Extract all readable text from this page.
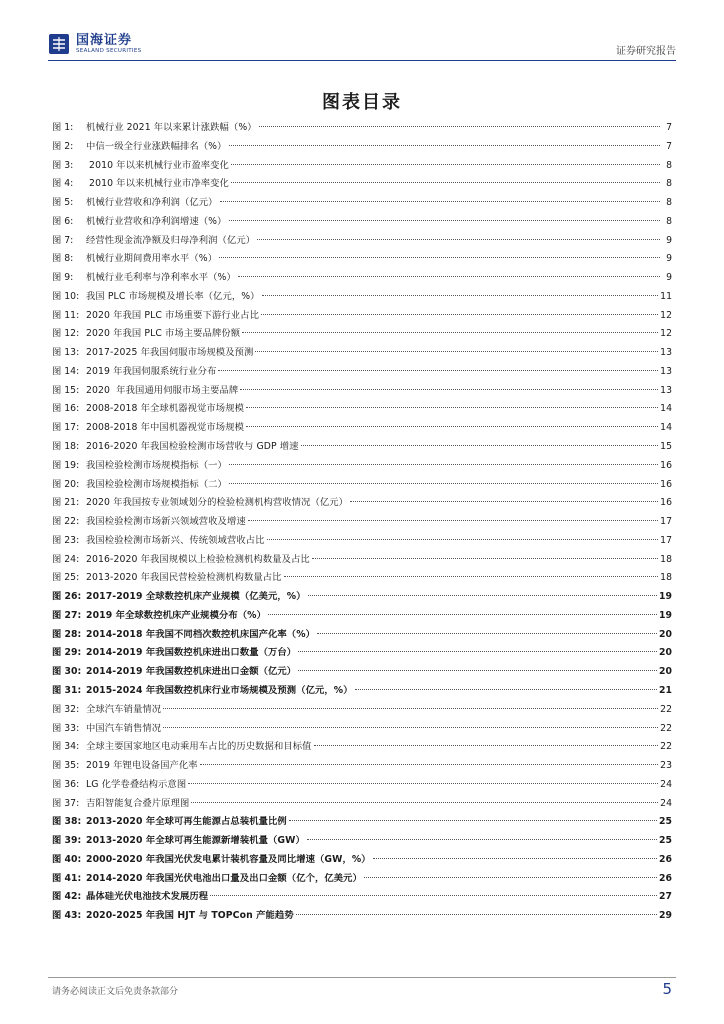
国海证券
SEALAND SECURITIES	证券研究报告
图表目录
图 1:	机械行业 2021 年以来累计涨跌幅（%）	7
图 2:	中信一级全行业涨跌幅排名（%）	7
图 3:	2010 年以来机械行业市盈率变化	8
图 4:	2010 年以来机械行业市净率变化	8
图 5:	机械行业营收和净利润（亿元）	8
图 6:	机械行业营收和净利润增速（%）	8
图 7:	经营性现金流净额及归母净利润（亿元）	9
图 8:	机械行业期间费用率水平（%）	9
图 9:	机械行业毛利率与净利率水平（%）	9
图 10: 我国 PLC 市场规模及增长率（亿元，%）	11
图 11: 2020 年我国 PLC 市场重要下游行业占比	12
图 12: 2020 年我国 PLC 市场主要品牌份额	12
图 13: 2017-2025 年我国伺服市场规模及预测	13
图 14: 2019 年我国伺服系统行业分布	13
图 15: 2020  年我国通用伺服市场主要品牌	13
图 16: 2008-2018 年全球机器视觉市场规模	14
图 17: 2008-2018 年中国机器视觉市场规模	14
图 18: 2016-2020 年我国检验检测市场营收与 GDP 增速	15
图 19: 我国检验检测市场规模指标（一）	16
图 20: 我国检验检测市场规模指标（二）	16
图 21: 2020 年我国按专业领域划分的检验检测机构营收情况（亿元）	16
图 22: 我国检验检测市场新兴领域营收及增速	17
图 23: 我国检验检测市场新兴、传统领域营收占比	17
图 24: 2016-2020 年我国规模以上检验检测机构数量及占比	18
图 25: 2013-2020 年我国民营检验检测机构数量占比	18
图 26: 2017-2019 全球数控机床产业规模（亿美元，%）	19
图 27: 2019 年全球数控机床产业规模分布（%）	19
图 28: 2014-2018 年我国不同档次数控机床国产化率（%）	20
图 29: 2014-2019 年我国数控机床进出口数量（万台）	20
图 30: 2014-2019 年我国数控机床进出口金额（亿元）	20
图 31: 2015-2024 年我国数控机床行业市场规模及预测（亿元，%）	21
图 32: 全球汽车销量情况	22
图 33: 中国汽车销售情况	22
图 34: 全球主要国家地区电动乘用车占比的历史数据和目标值	22
图 35: 2019 年锂电设备国产化率	23
图 36: LG 化学卷叠结构示意图	24
图 37: 吉阳智能复合叠片原理图	24
图 38: 2013-2020 年全球可再生能源占总装机量比例	25
图 39: 2013-2020 年全球可再生能源新增装机量（GW）	25
图 40: 2000-2020 年我国光伏发电累计装机容量及同比增速（GW，%）	26
图 41: 2014-2020 年我国光伏电池出口量及出口金额（亿个，亿美元）	26
图 42: 晶体硅光伏电池技术发展历程	27
图 43: 2020-2025 年我国 HJT 与 TOPCon 产能趋势	29
请务必阅读正文后免责条款部分	5
